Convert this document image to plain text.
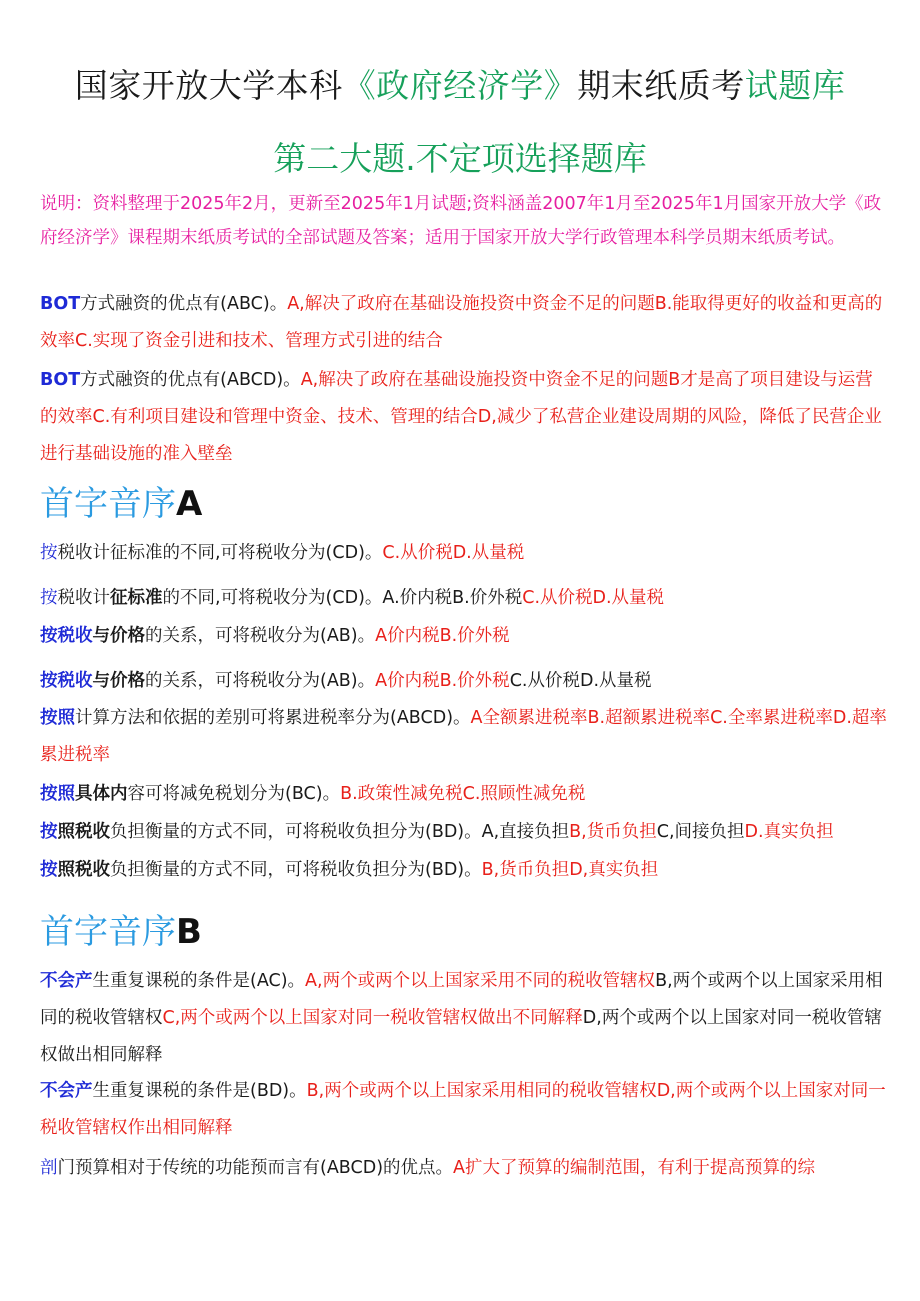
国家开放大学本科《政府经济学》期末纸质考试题库
第二大题.不定项选择题库
说明：资料整理于2025年2月，更新至2025年1月试题;资料涵盖2007年1月至2025年1月国家开放大学《政府经济学》课程期末纸质考试的全部试题及答案；适用于国家开放大学行政管理本科学员期末纸质考试。
BOT方式融资的优点有(ABC)。A,解决了政府在基础设施投资中资金不足的问题B.能取得更好的收益和更高的效率C.实现了资金引进和技术、管理方式引进的结合
BOT方式融资的优点有(ABCD)。A,解决了政府在基础设施投资中资金不足的问题B才是高了项目建设与运营的效率C.有利项目建设和管理中资金、技术、管理的结合D,减少了私营企业建设周期的风险，降低了民营企业进行基础设施的准入壁垒
首字音序A
按税收计征标准的不同,可将税收分为(CD)。C.从价税D.从量税
按税收计征标准的不同,可将税收分为(CD)。A.价内税B.价外税C.从价税D.从量税
按税收与价格的关系，可将税收分为(AB)。A价内税B.价外税
按税收与价格的关系，可将税收分为(AB)。A价内税B.价外税C.从价税D.从量税
按照计算方法和依据的差别可将累进税率分为(ABCD)。A全额累进税率B.超额累进税率C.全率累进税率D.超率累进税率
按照具体内容可将减免税划分为(BC)。B.政策性减免税C.照顾性减免税
按照税收负担衡量的方式不同，可将税收负担分为(BD)。A,直接负担B,货币负担C,间接负担D.真实负担
按照税收负担衡量的方式不同，可将税收负担分为(BD)。B,货币负担D,真实负担
首字音序B
不会产生重复课税的条件是(AC)。A,两个或两个以上国家采用不同的税收管辖权B,两个或两个以上国家采用相同的税收管辖权C,两个或两个以上国家对同一税收管辖权做出不同解释D,两个或两个以上国家对同一税收管辖权做出相同解释
不会产生重复课税的条件是(BD)。B,两个或两个以上国家采用相同的税收管辖权D,两个或两个以上国家对同一税收管辖权作出相同解释
剖门预算相对于传统的功能预而言有(ABCD)的优点。A扩大了预算的编制范围，有利于提高预算的综
